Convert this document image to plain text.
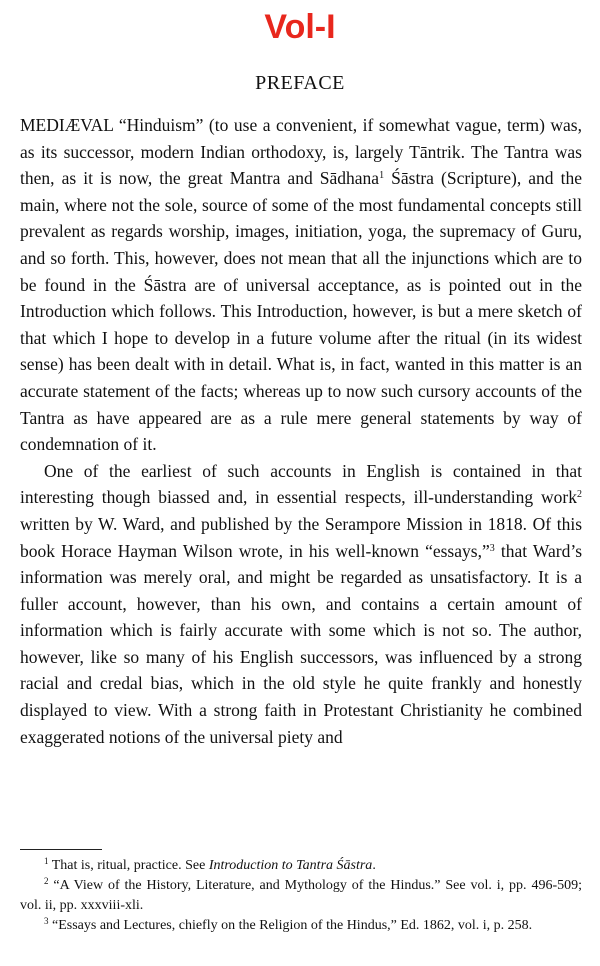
Vol-I
PREFACE

MEDIÆVAL “Hinduism” (to use a convenient, if somewhat vague, term) was, as its successor, modern Indian orthodoxy, is, largely Tāntrik. The Tantra was then, as it is now, the great Mantra and Sādhana$^1$ Śāstra (Scripture), and the main, where not the sole, source of some of the most fundamental concepts still prevalent as regards worship, images, initiation, yoga, the supremacy of Guru, and so forth. This, however, does not mean that all the injunctions which are to be found in the Śāstra are of universal acceptance, as is pointed out in the Introduction which follows. This Introduction, however, is but a mere sketch of that which I hope to develop in a future volume after the ritual (in its widest sense) has been dealt with in detail. What is, in fact, wanted in this matter is an accurate statement of the facts; whereas up to now such cursory accounts of the Tantra as have appeared are as a rule mere general statements by way of condemnation of it.

One of the earliest of such accounts in English is contained in that interesting though biassed and, in essential respects, ill-understanding work$^2$ written by W. Ward, and published by the Serampore Mission in 1818. Of this book Horace Hayman Wilson wrote, in his well-known “essays,”$^3$ that Ward’s information was merely oral, and might be regarded as unsatisfactory. It is a fuller account, however, than his own, and contains a certain amount of information which is fairly accurate with some which is not so. The author, however, like so many of his English successors, was influenced by a strong racial and credal bias, which in the old style he quite frankly and honestly displayed to view. With a strong faith in Protestant Christianity he combined exaggerated notions of the universal piety and

$^1$ That is, ritual, practice. See Introduction to Tantra Śāstra.

$^2$ “A View of the History, Literature, and Mythology of the Hindus.” See vol. i, pp. 496-509; vol. ii, pp. xxxviii-xli.

$^3$ “Essays and Lectures, chiefly on the Religion of the Hindus,” Ed. 1862, vol. i, p. 258.
